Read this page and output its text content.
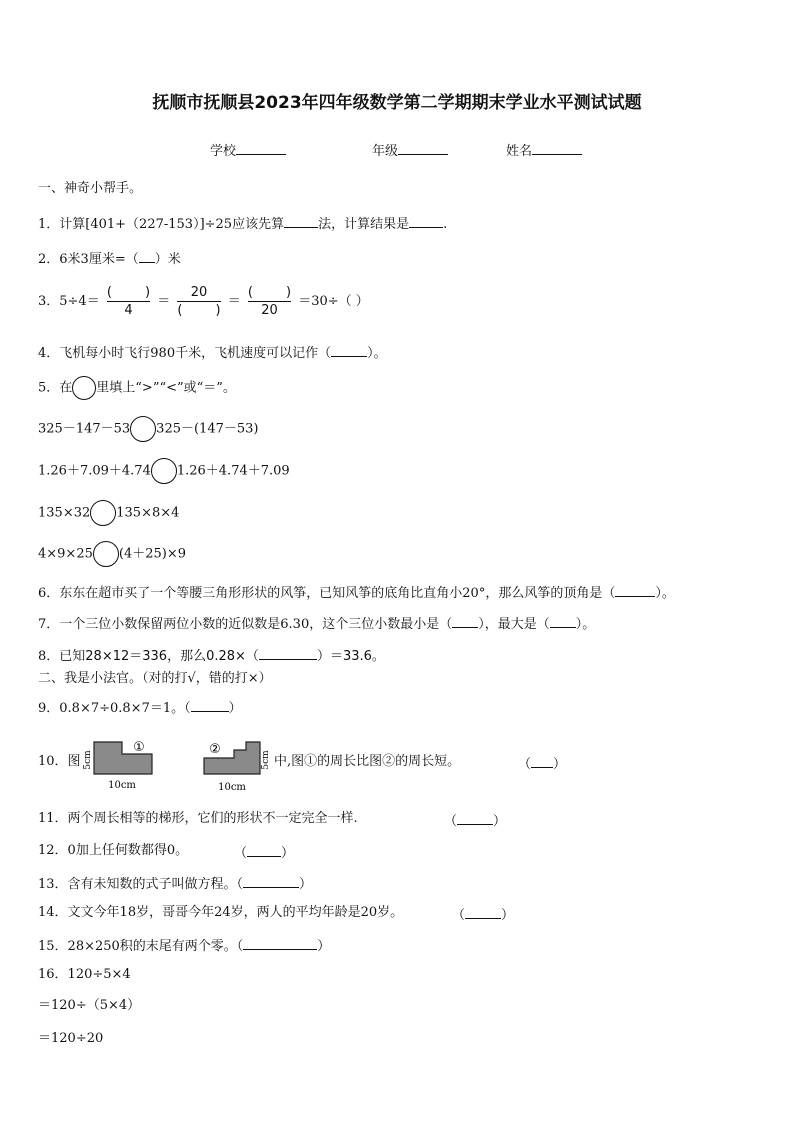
抚顺市抚顺县2023年四年级数学第二学期期末学业水平测试试题
学校	年级	姓名
一、神奇小帮手。
1．计算[401+（227-153）]÷25应该先算	法，计算结果是	.
2．6米3厘米=（ ）米
3．$5\div 4= \frac{( )}{4} = \frac{20}{( )} = \frac{( )}{20} =30\div$（ ）
4．飞机每小时飞行980千米，飞机速度可以记作（	）。
5．在 里填上“>”“<”或“＝”。
325－147－53 325－(147－53)
1.26＋7.09＋4.74 1.26＋4.74＋7.09
135×32 135×8×4
4×9×25 (4＋25)×9
6．东东在超市买了一个等腰三角形形状的风筝，已知风筝的底角比直角小20°，那么风筝的顶角是（	）。
7．一个三位小数保留两位小数的近似数是6.30，这个三位小数最小是（ ），最大是（ ）。
8．已知28×12＝336，那么0.28×（	）＝33.6。
二、我是小法官。（对的打√，错的打×）
9．0.8×7÷0.8×7＝1。（	）
10．图 5cm
①
10cm
②
5cm
10cm
中,图①的周长比图②的周长短。	（ ）
11．两个周长相等的梯形，它们的形状不一定完全一样.	（	）
12．0加上任何数都得0。	（	）
13．含有未知数的式子叫做方程。（	）
14．文文今年18岁，哥哥今年24岁，两人的平均年龄是20岁。	（	）
15．28×250积的末尾有两个零。（	）
16．120÷5×4
＝120÷（5×4）
＝120÷20
